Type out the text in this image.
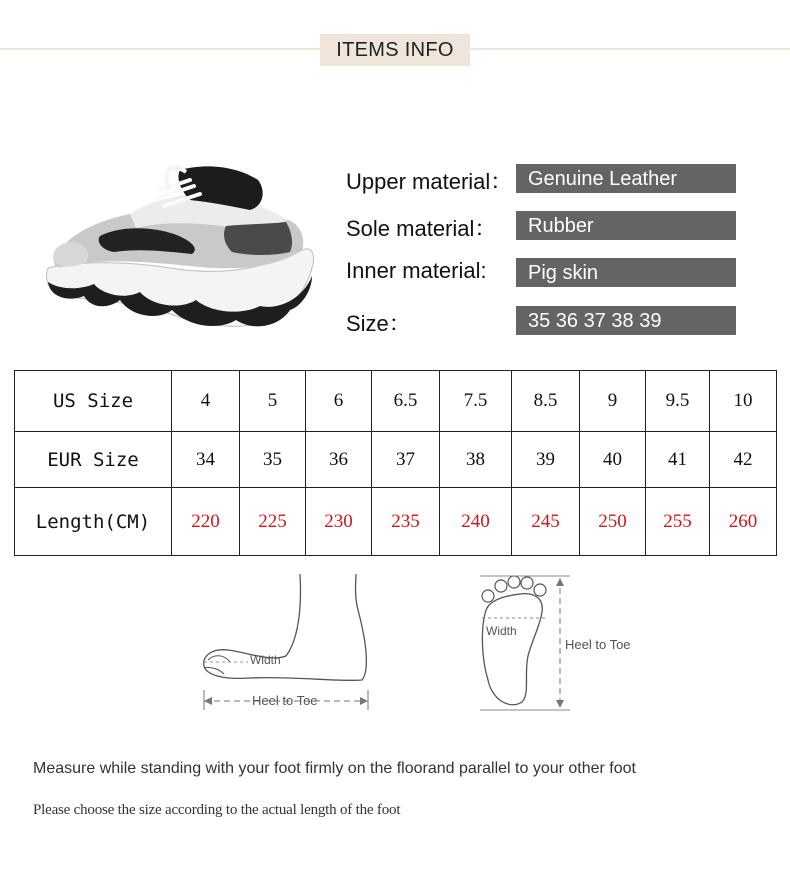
ITEMS INFO
Upper material： Genuine Leather
Sole material：	Rubber
Inner material:	Pig skin
Size：	35 36 37 38 39
US Size	4	5	6	6.5	7.5	8.5	9	9.5	10
EUR Size	34	35	36	37	38	39	40	41	42
Length(CM)	220	225	230	235	240	245	250	255	260
Width
Heel to Toe
Width
Heel to Toe
Measure while standing with your foot firmly on the floorand parallel to your other foot
Please choose the size according to the actual length of the foot
